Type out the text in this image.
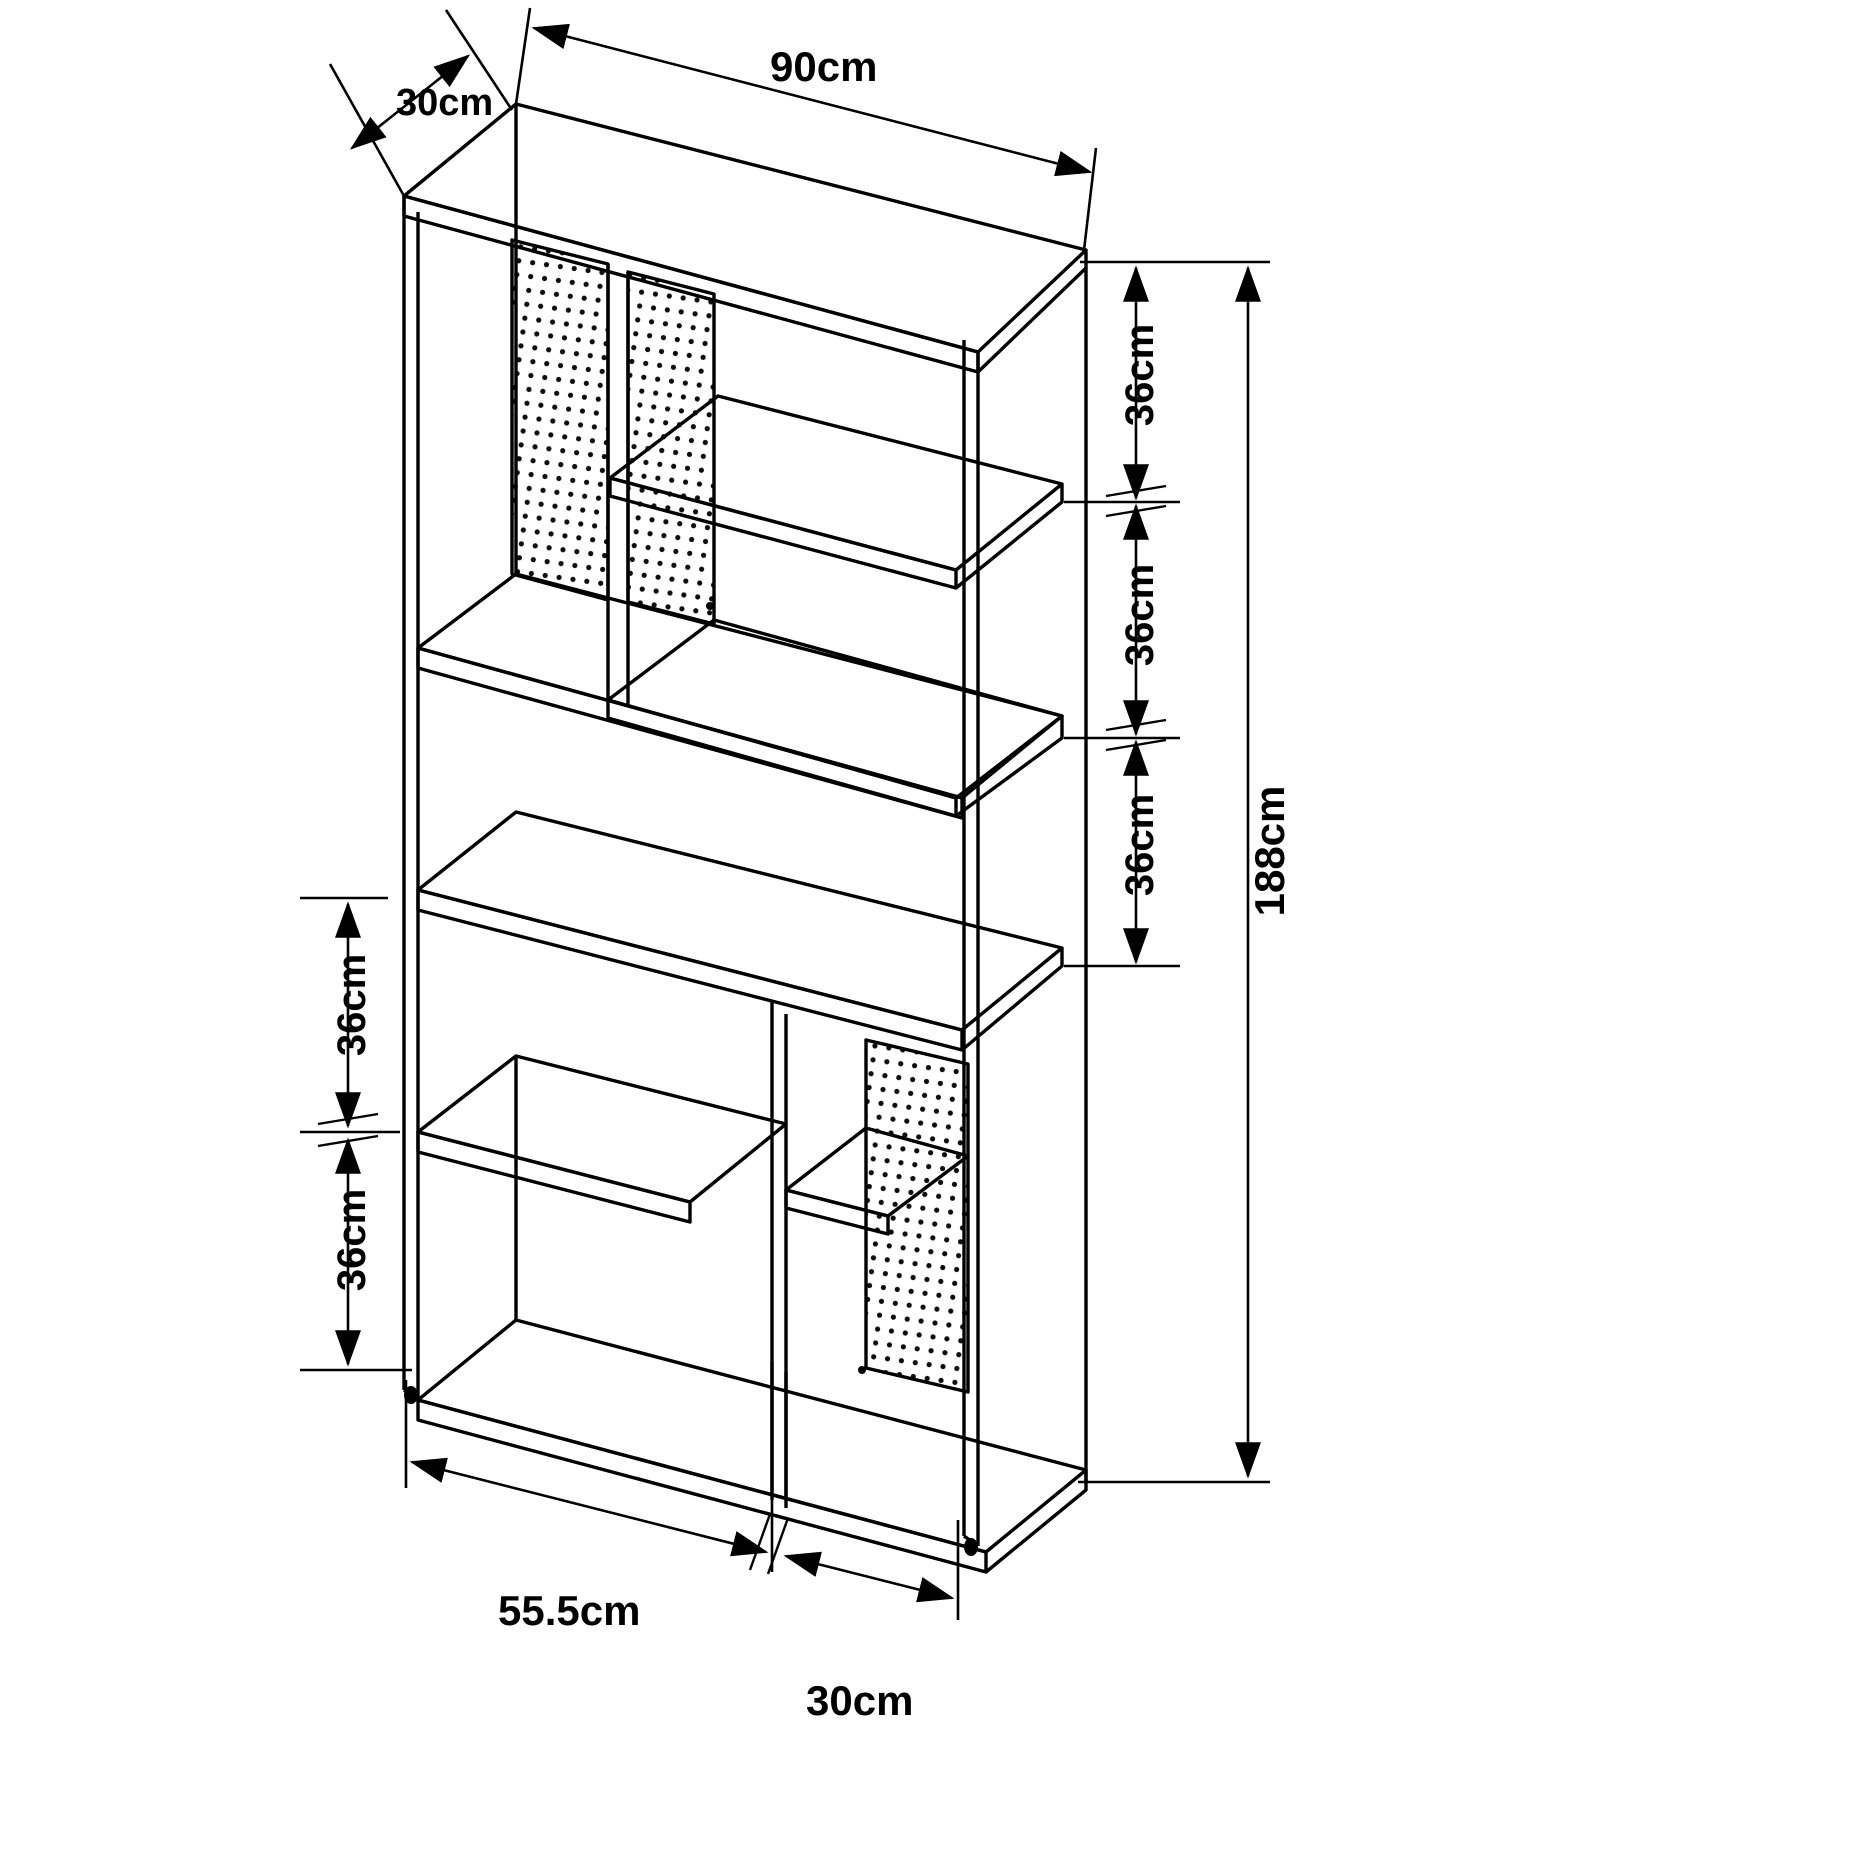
30cm
90cm
36cm
36cm
36cm 188cm
36cm
36cm
55.5cm
30cm
